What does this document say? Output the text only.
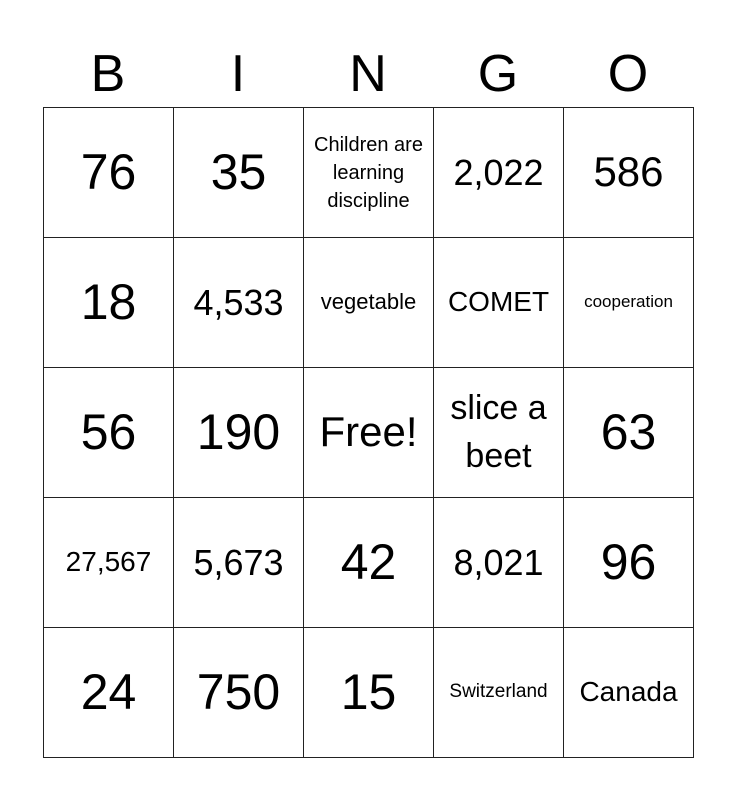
B	I	N	G	O
76	35	Children are learning discipline	2,022	586
18	4,533	vegetable	COMET	cooperation
56	190	Free!	slice a beet	63
27,567	5,673	42	8,021	96
24	750	15	Switzerland	Canada
